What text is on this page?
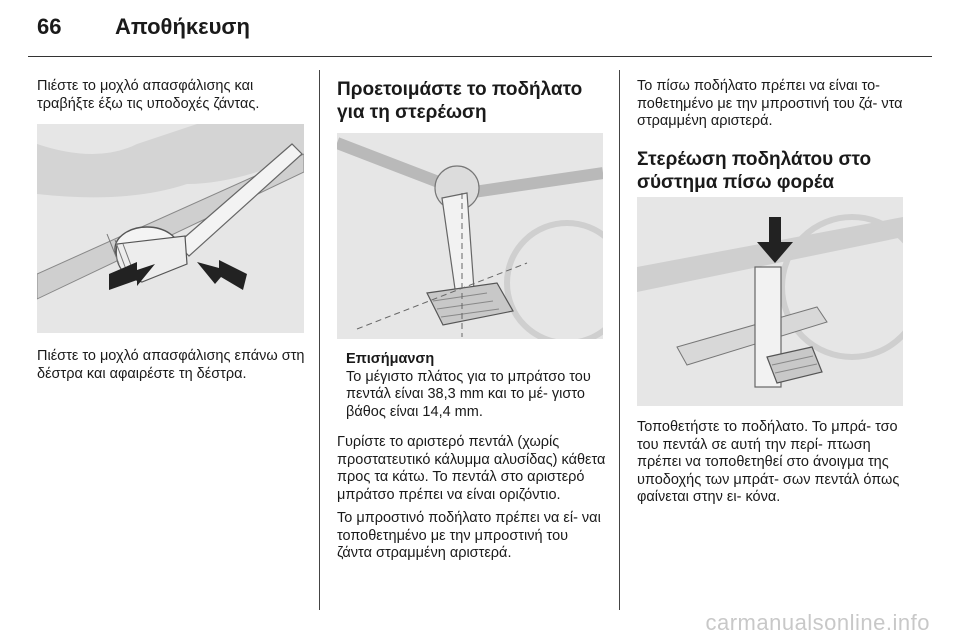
66	Αποθήκευση

Πιέστε το μοχλό απασφάλισης και τραβήξτε έξω τις υποδοχές ζάντας.

Πιέστε το μοχλό απασφάλισης επάνω στη δέστρα και αφαιρέστε τη δέστρα.

Προετοιμάστε το ποδήλατο για τη στερέωση

Επισήμανση

Το μέγιστο πλάτος για το μπράτσο του πεντάλ είναι 38,3 mm και το μέ- γιστο βάθος είναι 14,4 mm.

Γυρίστε το αριστερό πεντάλ (χωρίς προστατευτικό κάλυμμα αλυσίδας) κάθετα προς τα κάτω. Το πεντάλ στο αριστερό μπράτσο πρέπει να είναι οριζόντιο.

Το μπροστινό ποδήλατο πρέπει να εί- ναι τοποθετημένο με την μπροστινή του ζάντα στραμμένη αριστερά.

Το πίσω ποδήλατο πρέπει να είναι το- ποθετημένο με την μπροστινή του ζά- ντα στραμμένη αριστερά.

Στερέωση ποδηλάτου στο σύστημα πίσω φορέα

Τοποθετήστε το ποδήλατο. Το μπρά- τσο του πεντάλ σε αυτή την περί- πτωση πρέπει να τοποθετηθεί στο άνοιγμα της υποδοχής των μπράτ- σων πεντάλ όπως φαίνεται στην ει- κόνα.

carmanualsonline.info
